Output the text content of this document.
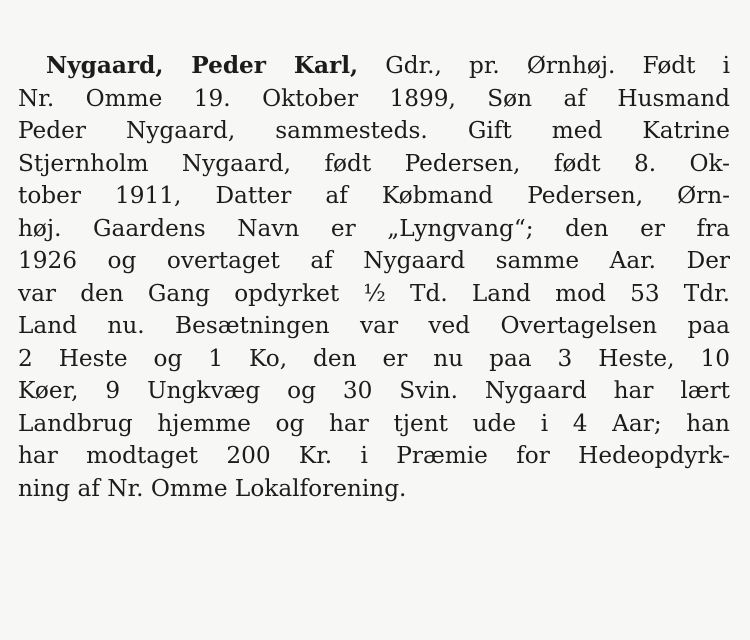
Nygaard, Peder Karl, Gdr., pr. Ørnhøj. Født i
Nr. Omme 19. Oktober 1899, Søn af Husmand
Peder Nygaard, sammesteds. Gift med Katrine
Stjernholm Nygaard, født Pedersen, født 8. Ok-
tober 1911, Datter af Købmand Pedersen, Ørn-
høj. Gaardens Navn er „Lyngvang“; den er fra
1926 og overtaget af Nygaard samme Aar. Der
var den Gang opdyrket ½ Td. Land mod 53 Tdr.
Land nu. Besætningen var ved Overtagelsen paa
2 Heste og 1 Ko, den er nu paa 3 Heste, 10
Køer, 9 Ungkvæg og 30 Svin. Nygaard har lært
Landbrug hjemme og har tjent ude i 4 Aar; han
har modtaget 200 Kr. i Præmie for Hedeopdyrk-
ning af Nr. Omme Lokalforening.
